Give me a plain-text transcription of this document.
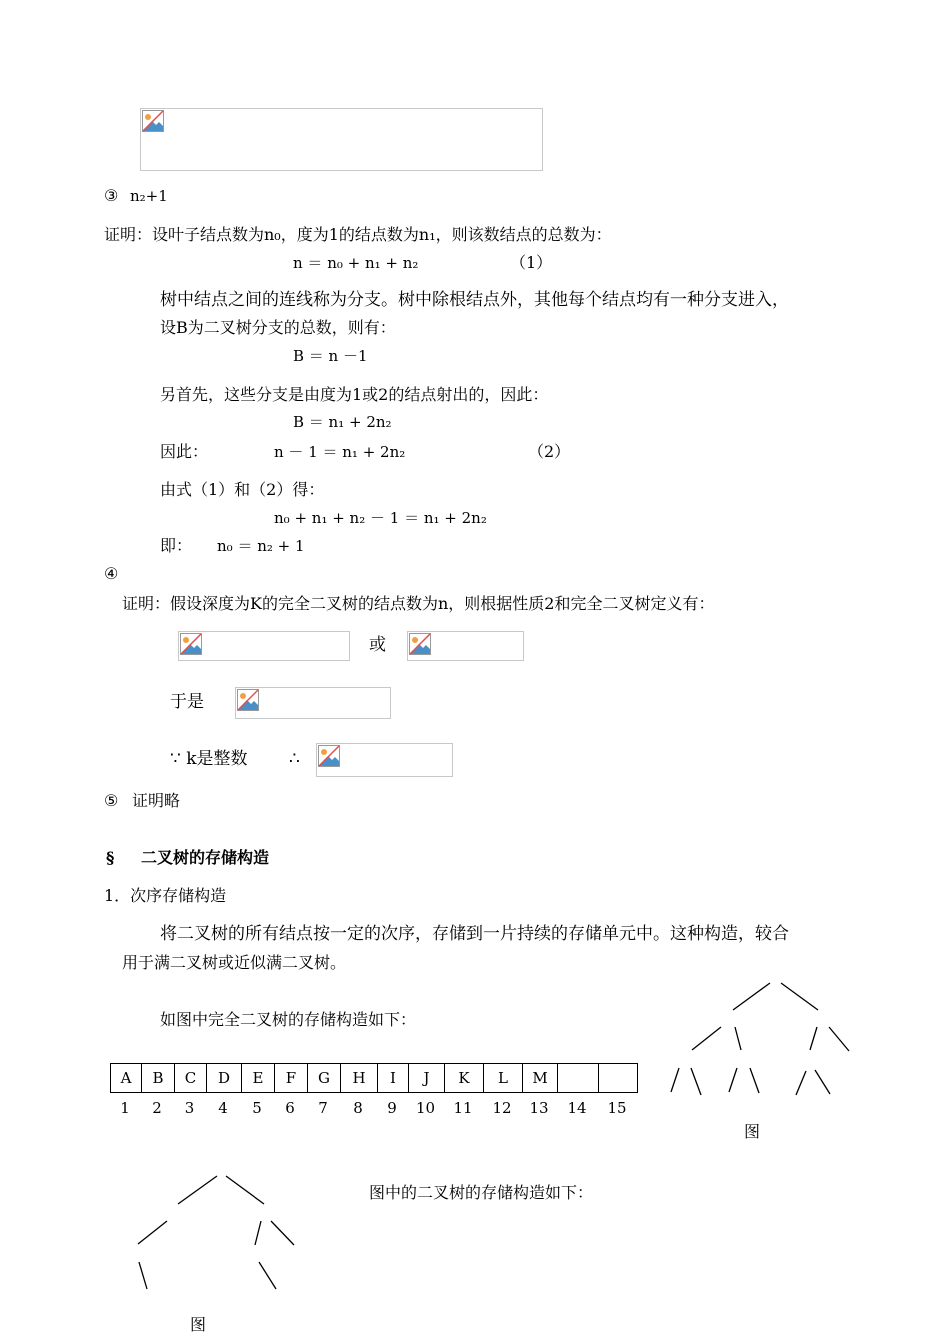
③ n₂+1
证明：设叶子结点数为n₀，度为1的结点数为n₁，则该数结点的总数为：
n ＝ n₀ + n₁ + n₂	（1）
树中结点之间的连线称为分支。树中除根结点外，其他每个结点均有一种分支进入，
设B为二叉树分支的总数，则有：
B ＝ n －1
另首先，这些分支是由度为1或2的结点射出的，因此：
B ＝ n₁ + 2n₂
因此：	n － 1 ＝ n₁ + 2n₂	（2）
由式（1）和（2）得：
n₀ + n₁ + n₂ － 1 ＝ n₁ + 2n₂
即： n₀ ＝ n₂ + 1
④
证明：假设深度为K的完全二叉树的结点数为n，则根据性质2和完全二叉树定义有：
或
于是
∵ k是整数 ∴
⑤ 证明略
§ 二叉树的存储构造
1．次序存储构造
将二叉树的所有结点按一定的次序，存储到一片持续的存储单元中。这种构造，较合
用于满二叉树或近似满二叉树。
如图中完全二叉树的存储构造如下：
A	B	C	D	E	F	G	H	I	J	K	L	M		
1	2	3	4	5	6	7	8	9	10	11	12	13	14	15
图
图中的二叉树的存储构造如下：
图
